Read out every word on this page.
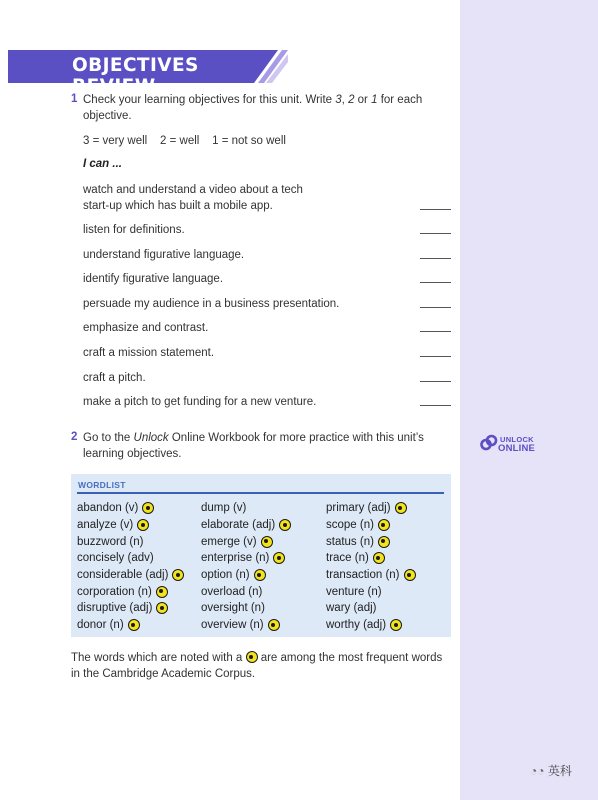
OBJECTIVES REVIEW
1 Check your learning objectives for this unit. Write 3, 2 or 1 for each
objective.
3 = very well    2 = well    1 = not so well
I can ...
watch and understand a video about a tech
start-up which has built a mobile app.
listen for definitions.
understand figurative language.
identify figurative language.
persuade my audience in a business presentation.
emphasize and contrast.
craft a mission statement.
craft a pitch.
make a pitch to get funding for a new venture.
2 Go to the Unlock Online Workbook for more practice with this unit’s
learning objectives.
UNLOCK
ONLINE
WORDLIST
abandon (v)
analyze (v)
buzzword (n)
concisely (adv)
considerable (adj)
corporation (n)
disruptive (adj)
donor (n)
dump (v)
elaborate (adj)
emerge (v)
enterprise (n)
option (n)
overload (n)
oversight (n)
overview (n)
primary (adj)
scope (n)
status (n)
trace (n)
transaction (n)
venture (n)
wary (adj)
worthy (adj)
The words which are noted with a  are among the most frequent words
in the Cambridge Academic Corpus.
◔◔ 英科
